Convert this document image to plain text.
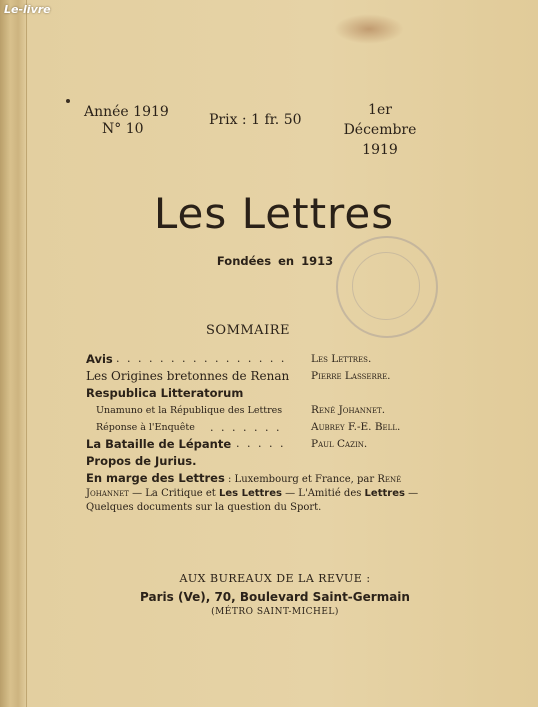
Le-livre
Année 1919
N° 10
Prix : 1 fr. 50
1er Décembre
1919
Les Lettres
Fondées en 1913
SOMMAIRE
Avis . . . . . . . . . . . . . . . . Les Lettres.
Les Origines bretonnes de Renan Pierre Lasserre.
Respublica Litteratorum
Unamuno et la République des Lettres	René Johannet.
Réponse à l'Enquête . . . . . . .	Aubrey F.-E. Bell.
La Bataille de Lépante . . . . . Paul Cazin.
Propos de Jurius.
En marge des Lettres : Luxembourg et France, par René Johannet — La Critique et Les Lettres — L'Amitié des Lettres — Quelques documents sur la question du Sport.
AUX BUREAUX DE LA REVUE :
Paris (Ve), 70, Boulevard Saint-Germain
(MÉTRO SAINT-MICHEL)
